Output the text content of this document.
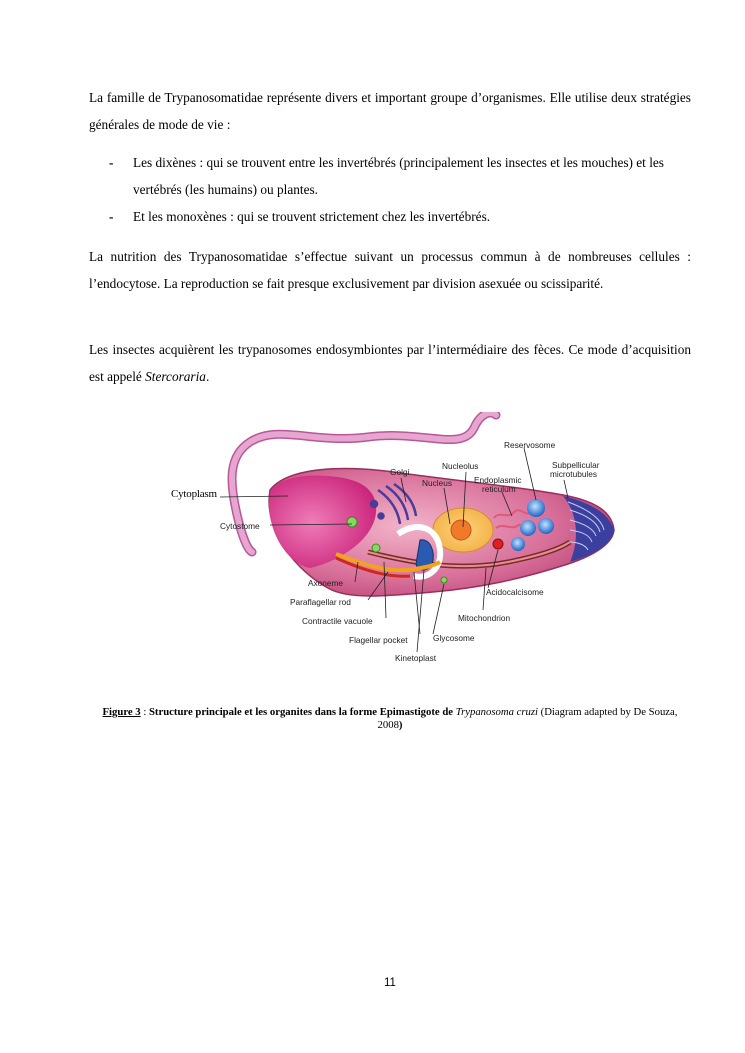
La famille de Trypanosomatidae représente divers et important groupe d’organismes. Elle utilise deux stratégies générales de mode de vie :

- Les dixènes : qui se trouvent entre les invertébrés (principalement les insectes et les mouches) et les vertébrés (les humains) ou plantes.
- Et les monoxènes : qui se trouvent strictement chez les invertébrés.

La nutrition des Trypanosomatidae s’effectue suivant un processus commun à de nombreuses cellules : l’endocytose. La reproduction se fait presque exclusivement par division asexuée ou scissiparité.

Les insectes acquièrent les trypanosomes endosymbiontes par l’intermédiaire des fèces. Ce mode d’acquisition est appelé Stercoraria.

Cytostome
Golgi
Nucleolus
Nucleus	Endoplasmic
reticulum
Reservosome
Subpellicular
microtubules
Axoneme
Paraflagellar rod
Contractile vacuole
Flagellar pocket	Glycosome
Kinetoplast
Mitochondrion
Acidocalcisome
Cytoplasm
Figure 3 : Structure principale et les organites dans la forme Epimastigote de Trypanosoma cruzi (Diagram adapted by De Souza, 2008)
11
